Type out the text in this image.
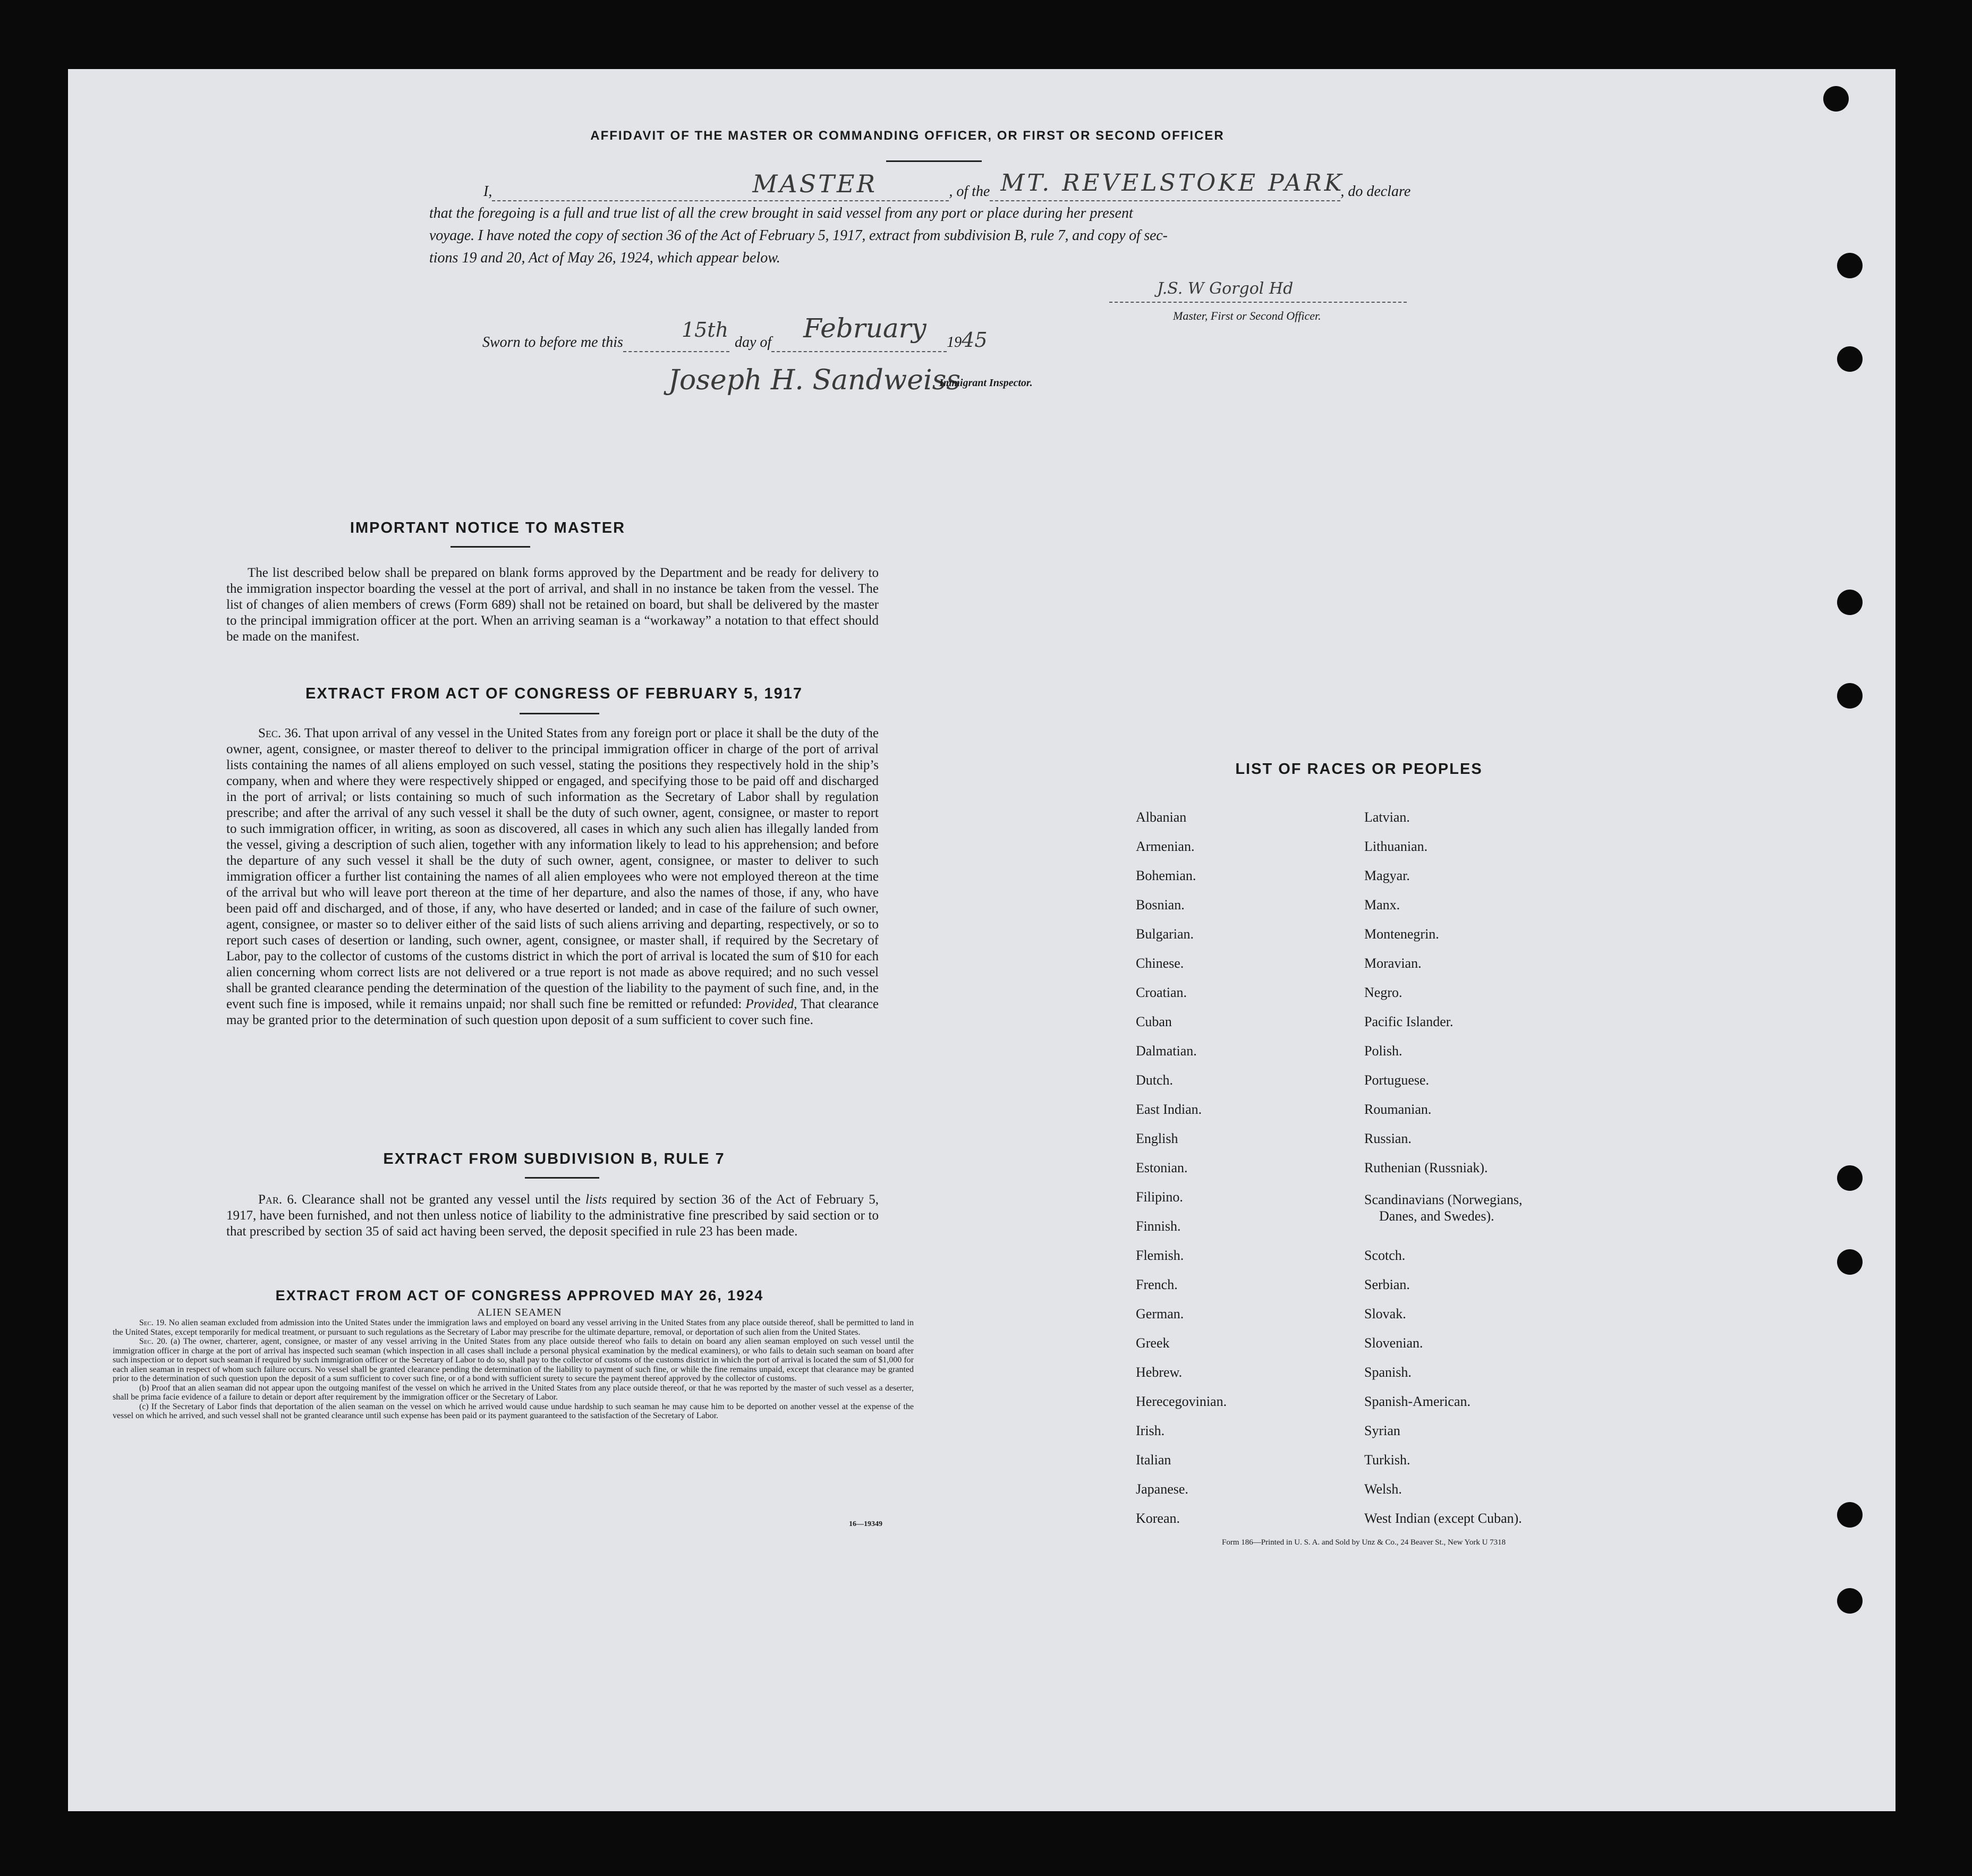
AFFIDAVIT OF THE MASTER OR COMMANDING OFFICER, OR FIRST OR SECOND OFFICER
I,	MASTER	, of the MT. REVELSTOKE PARK
, do declare
that the foregoing is a full and true list of all the crew brought in said vessel from any port or place during her present
voyage. I have noted the copy of section 36 of the Act of February 5, 1917, extract from subdivision B, rule 7, and copy of sec-
tions 19 and 20, Act of May 26, 1924, which appear below.
J.S. W Gorgol Hd
Master, First or Second Officer.
Sworn to before me this
15th
day of February 1945
Joseph H. Sandweiss
Immigrant Inspector.
IMPORTANT NOTICE TO MASTER
The list described below shall be prepared on blank forms approved by the Department and be ready for delivery to the immigration inspector boarding the vessel at the port of arrival, and shall in no instance be taken from the vessel. The list of changes of alien members of crews (Form 689) shall not be retained on board, but shall be delivered by the master to the principal immigration officer at the port. When an arriving seaman is a “workaway” a notation to that effect should be made on the manifest.
EXTRACT FROM ACT OF CONGRESS OF FEBRUARY 5, 1917
Sec. 36. That upon arrival of any vessel in the United States from any foreign port or place it shall be the duty of the owner, agent, consignee, or master thereof to deliver to the principal immigration officer in charge of the port of arrival lists containing the names of all aliens employed on such vessel, stating the positions they respectively hold in the ship’s company, when and where they were respectively shipped or engaged, and specifying those to be paid off and discharged in the port of arrival; or lists containing so much of such information as the Secretary of Labor shall by regulation prescribe; and after the arrival of any such vessel it shall be the duty of such owner, agent, consignee, or master to report to such immigration officer, in writing, as soon as discovered, all cases in which any such alien has illegally landed from the vessel, giving a description of such alien, together with any information likely to lead to his apprehension; and before the departure of any such vessel it shall be the duty of such owner, agent, consignee, or master to deliver to such immigration officer a further list containing the names of all alien employees who were not employed thereon at the time of the arrival but who will leave port thereon at the time of her departure, and also the names of those, if any, who have been paid off and discharged, and of those, if any, who have deserted or landed; and in case of the failure of such owner, agent, consignee, or master so to deliver either of the said lists of such aliens arriving and departing, respectively, or so to report such cases of desertion or landing, such owner, agent, consignee, or master shall, if required by the Secretary of Labor, pay to the collector of customs of the customs district in which the port of arrival is located the sum of $10 for each alien concerning whom correct lists are not delivered or a true report is not made as above required; and no such vessel shall be granted clearance pending the determination of the question of the liability to the payment of such fine, and, in the event such fine is imposed, while it remains unpaid; nor shall such fine be remitted or refunded: Provided, That clearance may be granted prior to the determination of such question upon deposit of a sum sufficient to cover such fine.
EXTRACT FROM SUBDIVISION B, RULE 7
Par. 6. Clearance shall not be granted any vessel until the lists required by section 36 of the Act of February 5, 1917, have been furnished, and not then unless notice of liability to the administrative fine prescribed by said section or to that prescribed by section 35 of said act having been served, the deposit specified in rule 23 has been made.
EXTRACT FROM ACT OF CONGRESS APPROVED MAY 26, 1924
ALIEN SEAMEN
Sec. 19. No alien seaman excluded from admission into the United States under the immigration laws and employed on board any vessel arriving in the United States from any place outside thereof, shall be permitted to land in the United States, except temporarily for medical treatment, or pursuant to such regulations as the Secretary of Labor may prescribe for the ultimate departure, removal, or deportation of such alien from the United States.
Sec. 20. (a) The owner, charterer, agent, consignee, or master of any vessel arriving in the United States from any place outside thereof who fails to detain on board any alien seaman employed on such vessel until the immigration officer in charge at the port of arrival has inspected such seaman (which inspection in all cases shall include a personal physical examination by the medical examiners), or who fails to detain such seaman on board after such inspection or to deport such seaman if required by such immigration officer or the Secretary of Labor to do so, shall pay to the collector of customs of the customs district in which the port of arrival is located the sum of $1,000 for each alien seaman in respect of whom such failure occurs. No vessel shall be granted clearance pending the determination of the liability to payment of such fine, or while the fine remains unpaid, except that clearance may be granted prior to the determination of such question upon the deposit of a sum sufficient to cover such fine, or of a bond with sufficient surety to secure the payment thereof approved by the collector of customs.
(b) Proof that an alien seaman did not appear upon the outgoing manifest of the vessel on which he arrived in the United States from any place outside thereof, or that he was reported by the master of such vessel as a deserter, shall be prima facie evidence of a failure to detain or deport after requirement by the immigration officer or the Secretary of Labor.
(c) If the Secretary of Labor finds that deportation of the alien seaman on the vessel on which he arrived would cause undue hardship to such seaman he may cause him to be deported on another vessel at the expense of the vessel on which he arrived, and such vessel shall not be granted clearance until such expense has been paid or its payment guaranteed to the satisfaction of the Secretary of Labor.
16—19349
LIST OF RACES OR PEOPLES
Albanian
Armenian.
Bohemian.
Bosnian.
Bulgarian.
Chinese.
Croatian.
Cuban
Dalmatian.
Dutch.
East Indian.
English
Estonian.
Filipino.
Finnish.
Flemish.
French.
German.
Greek
Hebrew.
Herecegovinian.
Irish.
Italian
Japanese.
Korean.
Latvian.
Lithuanian.
Magyar.
Manx.
Montenegrin.
Moravian.
Negro.
Pacific Islander.
Polish.
Portuguese.
Roumanian.
Russian.
Ruthenian (Russniak).
Scandinavians (Norwegians,
Danes, and Swedes).
Scotch.
Serbian.
Slovak.
Slovenian.
Spanish.
Spanish-American.
Syrian
Turkish.
Welsh.
West Indian (except Cuban).
Form 186—Printed in U. S. A. and Sold by Unz & Co., 24 Beaver St., New York U 7318
